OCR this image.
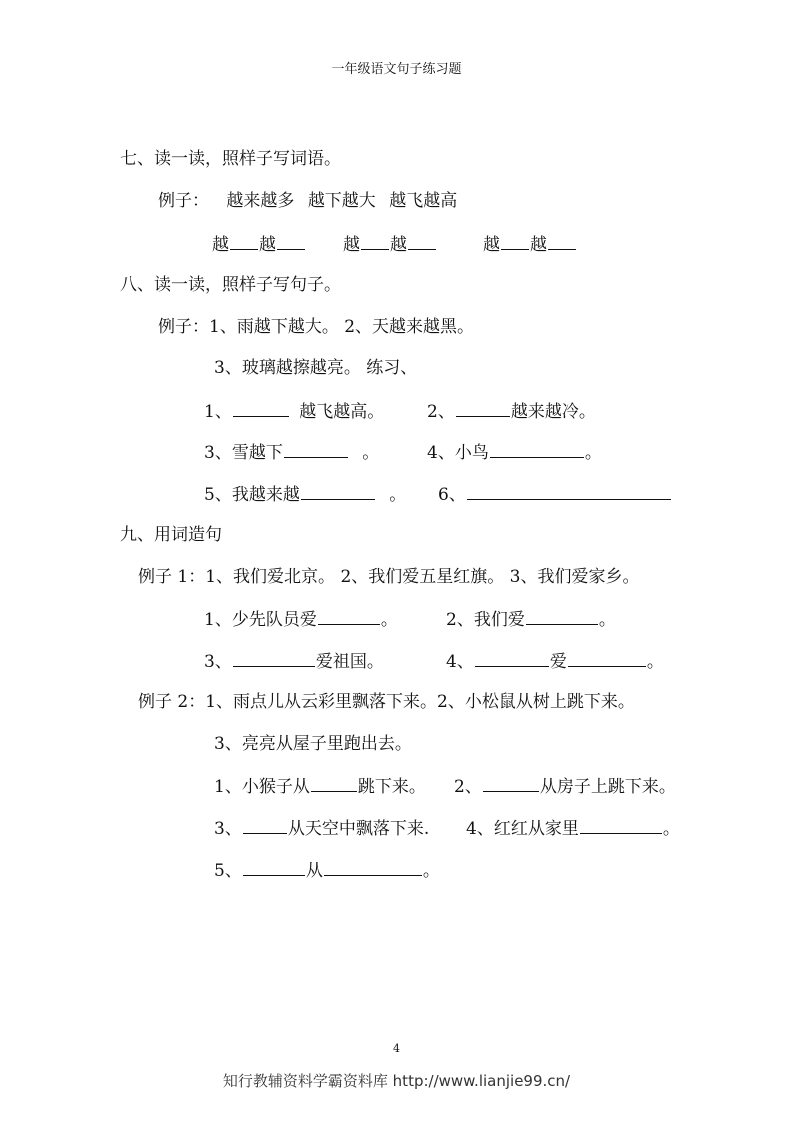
一年级语文句子练习题
七、读一读，照样子写词语。
例子： 越来越多 越下越大 越飞越高
越 越	越 越	越 越
八、读一读，照样子写句子。
例子：1、雨越下越大。 2、天越来越黑。
3、玻璃越擦越亮。 练习、
1、	越飞越高。	2、	越来越冷。
3、雪越下	。	4、小鸟	。
5、我越来越	。 6、
九、用词造句
例子 1：1、我们爱北京。 2、我们爱五星红旗。 3、我们爱家乡。
1、少先队员爱	。	2、我们爱	。
3、	爱祖国。	4、	爱	。
例子 2：1、雨点儿从云彩里飘落下来。2、小松鼠从树上跳下来。
3、亮亮从屋子里跑出去。
1、小猴子从	跳下来。 2、	从房子上跳下来。
3、	从天空中飘落下来. 4、红红从家里	。
5、	从	。
4
知行教辅资料学霸资料库 http://www.lianjie99.cn/
